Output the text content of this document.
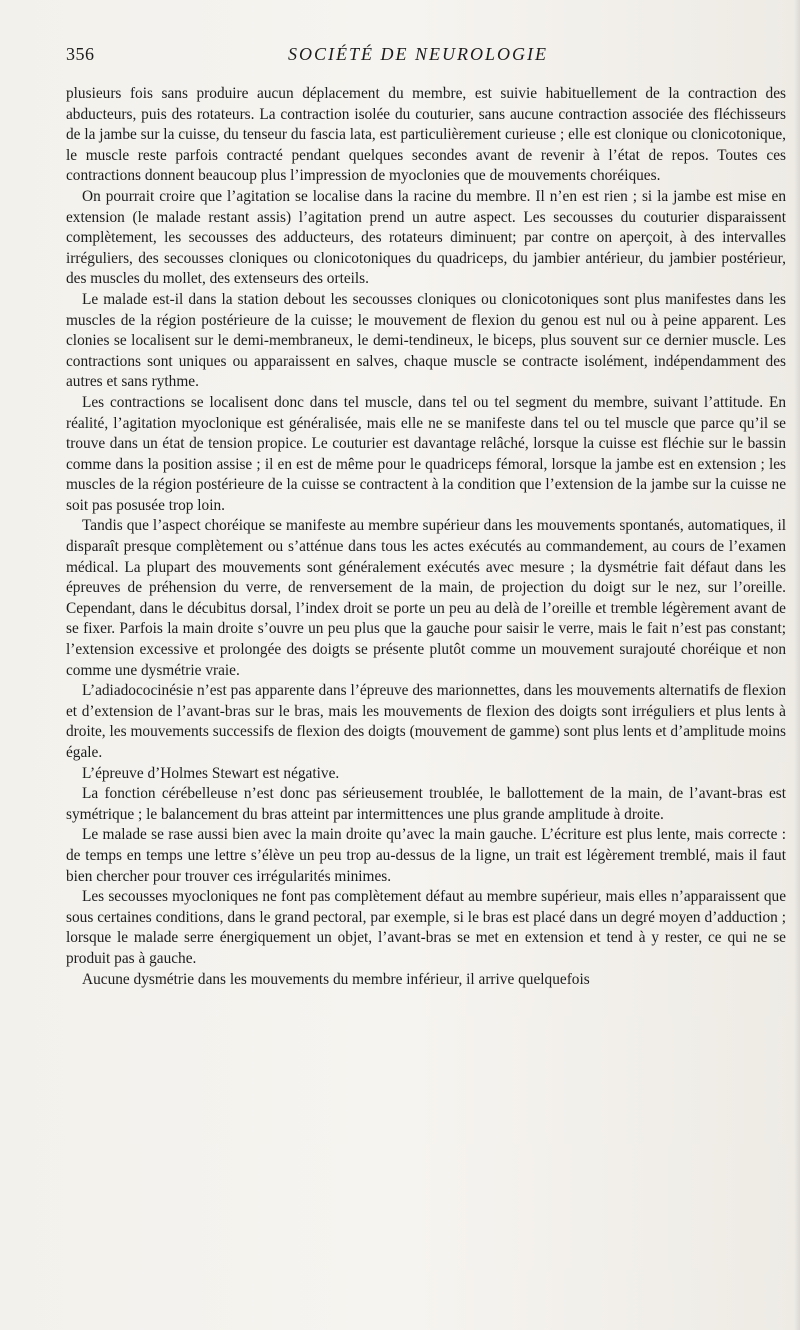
356	SOCIÉTÉ DE NEUROLOGIE

plusieurs fois sans produire aucun déplacement du membre, est suivie habituellement de la contraction des abducteurs, puis des rotateurs. La contraction isolée du couturier, sans aucune contraction associée des fléchisseurs de la jambe sur la cuisse, du tenseur du fascia lata, est particulièrement curieuse ; elle est clonique ou clonicotonique, le muscle reste parfois contracté pendant quelques secondes avant de revenir à l’état de repos. Toutes ces contractions donnent beaucoup plus l’impression de myoclonies que de mouvements choréiques.

On pourrait croire que l’agitation se localise dans la racine du membre. Il n’en est rien ; si la jambe est mise en extension (le malade restant assis) l’agitation prend un autre aspect. Les secousses du couturier disparaissent complètement, les secousses des adducteurs, des rotateurs diminuent; par contre on aperçoit, à des intervalles irréguliers, des secousses cloniques ou clonicotoniques du quadriceps, du jambier antérieur, du jambier postérieur, des muscles du mollet, des extenseurs des orteils.

Le malade est-il dans la station debout les secousses cloniques ou clonicotoniques sont plus manifestes dans les muscles de la région postérieure de la cuisse; le mouvement de flexion du genou est nul ou à peine apparent. Les clonies se localisent sur le demi-membraneux, le demi-tendineux, le biceps, plus souvent sur ce dernier muscle. Les contractions sont uniques ou apparaissent en salves, chaque muscle se contracte isolément, indépendamment des autres et sans rythme.

Les contractions se localisent donc dans tel muscle, dans tel ou tel segment du membre, suivant l’attitude. En réalité, l’agitation myoclonique est généralisée, mais elle ne se manifeste dans tel ou tel muscle que parce qu’il se trouve dans un état de tension propice. Le couturier est davantage relâché, lorsque la cuisse est fléchie sur le bassin comme dans la position assise ; il en est de même pour le quadriceps fémoral, lorsque la jambe est en extension ; les muscles de la région postérieure de la cuisse se contractent à la condition que l’extension de la jambe sur la cuisse ne soit pas posusée trop loin.

Tandis que l’aspect choréique se manifeste au membre supérieur dans les mouvements spontanés, automatiques, il disparaît presque complètement ou s’atténue dans tous les actes exécutés au commandement, au cours de l’examen médical. La plupart des mouvements sont généralement exécutés avec mesure ; la dysmétrie fait défaut dans les épreuves de préhension du verre, de renversement de la main, de projection du doigt sur le nez, sur l’oreille. Cependant, dans le décubitus dorsal, l’index droit se porte un peu au delà de l’oreille et tremble légèrement avant de se fixer. Parfois la main droite s’ouvre un peu plus que la gauche pour saisir le verre, mais le fait n’est pas constant; l’extension excessive et prolongée des doigts se présente plutôt comme un mouvement surajouté choréique et non comme une dysmétrie vraie.

L’adiadococinésie n’est pas apparente dans l’épreuve des marionnettes, dans les mouvements alternatifs de flexion et d’extension de l’avant-bras sur le bras, mais les mouvements de flexion des doigts sont irréguliers et plus lents à droite, les mouvements successifs de flexion des doigts (mouvement de gamme) sont plus lents et d’amplitude moins égale.

L’épreuve d’Holmes Stewart est négative.

La fonction cérébelleuse n’est donc pas sérieusement troublée, le ballottement de la main, de l’avant-bras est symétrique ; le balancement du bras atteint par intermittences une plus grande amplitude à droite.

Le malade se rase aussi bien avec la main droite qu’avec la main gauche. L’écriture est plus lente, mais correcte : de temps en temps une lettre s’élève un peu trop au-dessus de la ligne, un trait est légèrement tremblé, mais il faut bien chercher pour trouver ces irrégularités minimes.

Les secousses myocloniques ne font pas complètement défaut au membre supérieur, mais elles n’apparaissent que sous certaines conditions, dans le grand pectoral, par exemple, si le bras est placé dans un degré moyen d’adduction ; lorsque le malade serre énergiquement un objet, l’avant-bras se met en extension et tend à y rester, ce qui ne se produit pas à gauche.

Aucune dysmétrie dans les mouvements du membre inférieur, il arrive quelquefois
